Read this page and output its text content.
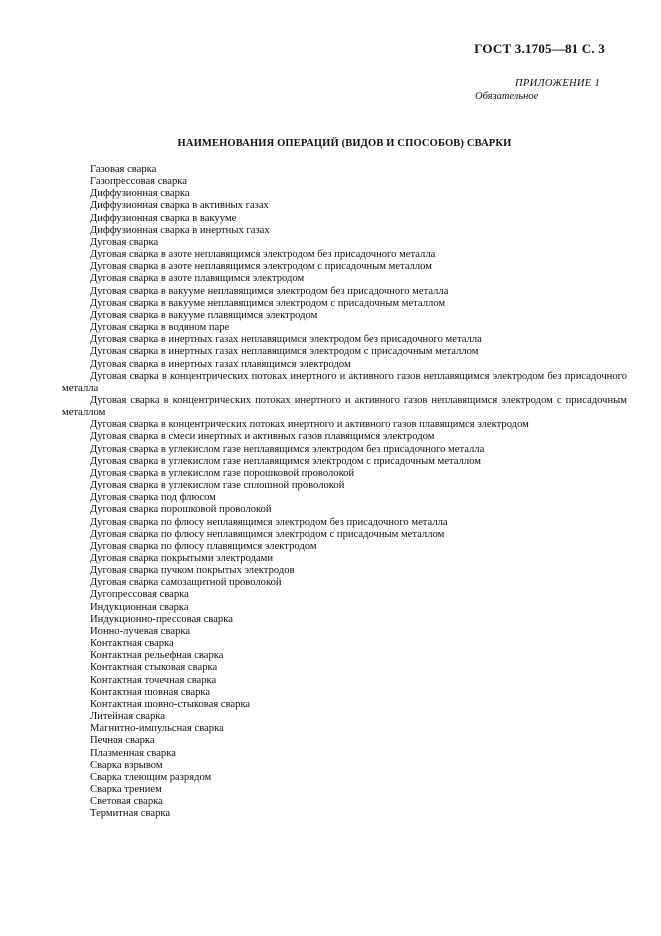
ГОСТ 3.1705—81 С. 3
ПРИЛОЖЕНИЕ 1
Обязательное
НАИМЕНОВАНИЯ ОПЕРАЦИЙ (ВИДОВ И СПОСОБОВ) СВАРКИ
Газовая сварка
Газопрессовая сварка
Диффузионная сварка
Диффузионная сварка в активных газах
Диффузионная сварка в вакууме
Диффузионная сварка в инертных газах
Дуговая сварка
Дуговая сварка в азоте неплавящимся электродом без присадочного металла
Дуговая сварка в азоте неплавящимся электродом с присадочным металлом
Дуговая сварка в азоте плавящимся электродом
Дуговая сварка в вакууме неплавящимся электродом без присадочного металла
Дуговая сварка в вакууме неплавящимся электродом с присадочным металлом
Дуговая сварка в вакууме плавящимся электродом
Дуговая сварка в водяном паре
Дуговая сварка в инертных газах неплавящимся электродом без присадочного металла
Дуговая сварка в инертных газах неплавящимся электродом с присадочным металлом
Дуговая сварка в инертных газах плавящимся электродом
Дуговая сварка в концентрических потоках инертного и активного газов неплавящимся электродом без присадочного металла
Дуговая сварка в концентрических потоках инертного и активного газов неплавящимся электродом с присадочным металлом
Дуговая сварка в концентрических потоках инертного и активного газов плавящимся электродом
Дуговая сварка в смеси инертных и активных газов плавящимся электродом
Дуговая сварка в углекислом газе неплавящимся электродом без присадочного металла
Дуговая сварка в углекислом газе неплавящимся электродом с присадочным металлом
Дуговая сварка в углекислом газе порошковой проволокой
Дуговая сварка в углекислом газе сплошной проволокой
Дуговая сварка под флюсом
Дуговая сварка порошковой проволокой
Дуговая сварка по флюсу неплавящимся электродом без присадочного металла
Дуговая сварка по флюсу неплавящимся электродом с присадочным металлом
Дуговая сварка по флюсу плавящимся электродом
Дуговая сварка покрытыми электродами
Дуговая сварка пучком покрытых электродов
Дуговая сварка самозащитной проволокой
Дугопрессовая сварка
Индукционная сварка
Индукционно-прессовая сварка
Ионно-лучевая сварка
Контактная сварка
Контактная рельефная сварка
Контактная стыковая сварка
Контактная точечная сварка
Контактная шовная сварка
Контактная шовно-стыковая сварка
Литейная сварка
Магнитно-импульсная сварка
Печная сварка
Плазменная сварка
Сварка взрывом
Сварка тлеющим разрядом
Сварка трением
Световая сварка
Термитная сварка
